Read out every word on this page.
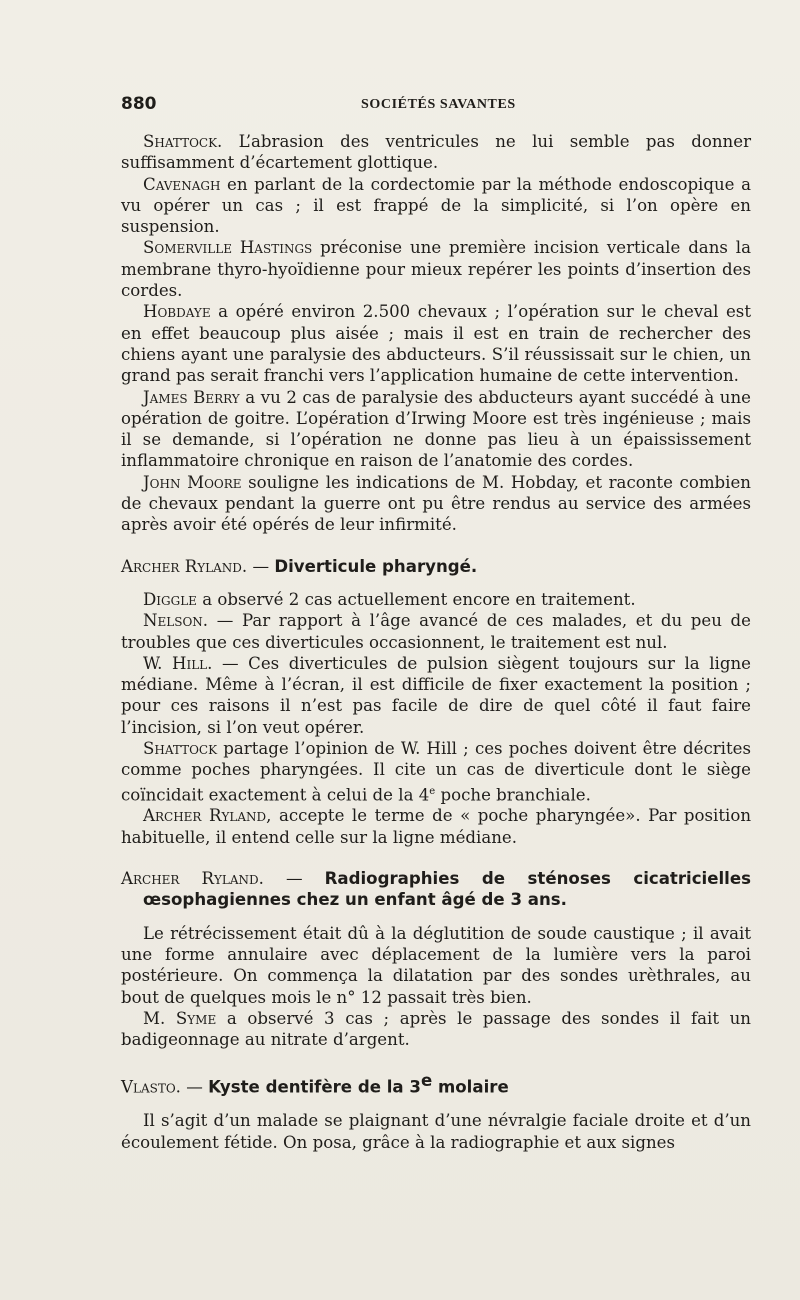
880	SOCIÉTÉS SAVANTES

Shattock. L’abrasion des ventricules ne lui semble pas donner suffisamment d’écartement glottique.

Cavenagh en parlant de la cordectomie par la méthode endoscopique a vu opérer un cas ; il est frappé de la simplicité, si l’on opère en suspension.

Somerville Hastings préconise une première incision verticale dans la membrane thyro-hyoïdienne pour mieux repérer les points d’insertion des cordes.

Hobdaye a opéré environ 2.500 chevaux ; l’opération sur le cheval est en effet beaucoup plus aisée ; mais il est en train de rechercher des chiens ayant une paralysie des abducteurs. S’il réussissait sur le chien, un grand pas serait franchi vers l’application humaine de cette intervention.

James Berry a vu 2 cas de paralysie des abducteurs ayant succédé à une opération de goitre. L’opération d’Irwing Moore est très ingénieuse ; mais il se demande, si l’opération ne donne pas lieu à un épaississement inflammatoire chronique en raison de l’anatomie des cordes.

John Moore souligne les indications de M. Hobday, et raconte combien de chevaux pendant la guerre ont pu être rendus au service des armées après avoir été opérés de leur infirmité.

Archer Ryland. — Diverticule pharyngé.

Diggle a observé 2 cas actuellement encore en traitement.

Nelson. — Par rapport à l’âge avancé de ces malades, et du peu de troubles que ces diverticules occasionnent, le traitement est nul.

W. Hill. — Ces diverticules de pulsion siègent toujours sur la ligne médiane. Même à l’écran, il est difficile de fixer exactement la position ; pour ces raisons il n’est pas facile de dire de quel côté il faut faire l’incision, si l’on veut opérer.

Shattock partage l’opinion de W. Hill ; ces poches doivent être décrites comme poches pharyngées. Il cite un cas de diverticule dont le siège coïncidait exactement à celui de la 4e poche branchiale.

Archer Ryland, accepte le terme de « poche pharyngée». Par position habituelle, il entend celle sur la ligne médiane.

Archer Ryland. — Radiographies de sténoses cicatricielles œsophagiennes chez un enfant âgé de 3 ans.

Le rétrécissement était dû à la déglutition de soude caustique ; il avait une forme annulaire avec déplacement de la lumière vers la paroi postérieure. On commença la dilatation par des sondes urèthrales, au bout de quelques mois le n° 12 passait très bien.

M. Syme a observé 3 cas ; après le passage des sondes il fait un badigeonnage au nitrate d’argent.

Vlasto. — Kyste dentifère de la 3e molaire

Il s’agit d’un malade se plaignant d’une névralgie faciale droite et d’un écoulement fétide. On posa, grâce à la radiographie et aux signes
